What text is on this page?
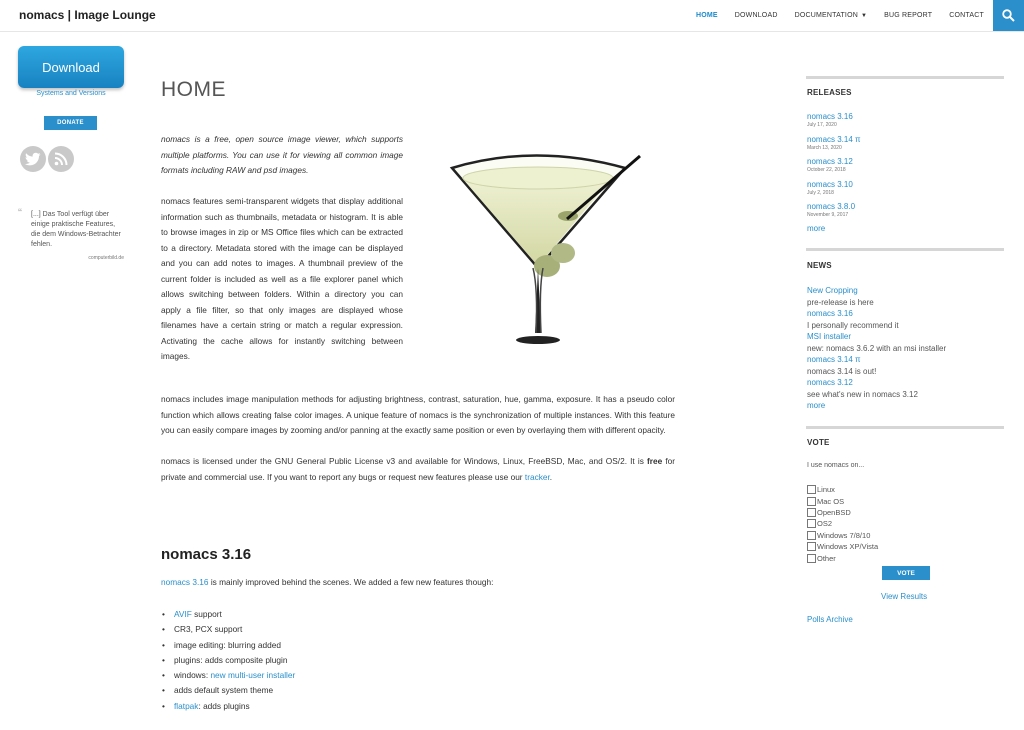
nomacs | Image Lounge	HOME DOWNLOAD DOCUMENTATION ▼ BUG REPORT CONTACT
Download
Systems and Versions
DONATE
“	[...] Das Tool verfügt über einige praktische Features, die dem Windows-Betrachter fehlen.
computerbild.de
HOME
nomacs is a free, open source image viewer, which supports multiple platforms. You can use it for viewing all common image formats including RAW and psd images.
nomacs features semi-transparent widgets that display additional information such as thumbnails, metadata or histogram. It is able to browse images in zip or MS Office files which can be extracted to a directory. Metadata stored with the image can be displayed and you can add notes to images. A thumbnail preview of the current folder is included as well as a file explorer panel which allows switching between folders. Within a directory you can apply a file filter, so that only images are displayed whose filenames have a certain string or match a regular expression. Activating the cache allows for instantly switching between images.
nomacs includes image manipulation methods for adjusting brightness, contrast, saturation, hue, gamma, exposure. It has a pseudo color function which allows creating false color images. A unique feature of nomacs is the synchronization of multiple instances. With this feature you can easily compare images by zooming and/or panning at the exactly same position or even by overlaying them with different opacity.
nomacs is licensed under the GNU General Public License v3 and available for Windows, Linux, FreeBSD, Mac, and OS/2. It is free for private and commercial use. If you want to report any bugs or request new features please use our tracker.
nomacs 3.16
nomacs 3.16 is mainly improved behind the scenes. We added a few new features though:
• AVIF support
• CR3, PCX support
• image editing: blurring added
• plugins: adds composite plugin
• windows: new multi-user installer
• adds default system theme
• flatpak: adds plugins
RELEASES
nomacs 3.16
July 17, 2020
nomacs 3.14 π
March 13, 2020
nomacs 3.12
October 22, 2018
nomacs 3.10
July 2, 2018
nomacs 3.8.0
November 9, 2017
more
NEWS
New Cropping
pre-release is here
nomacs 3.16
I personally recommend it
MSI installer
new: nomacs 3.6.2 with an msi installer
nomacs 3.14 π
nomacs 3.14 is out!
nomacs 3.12
see what's new in nomacs 3.12
more
VOTE
I use nomacs on...
Linux
Mac OS
OpenBSD
OS2
Windows 7/8/10
Windows XP/Vista
Other
VOTE
View Results
Polls Archive
